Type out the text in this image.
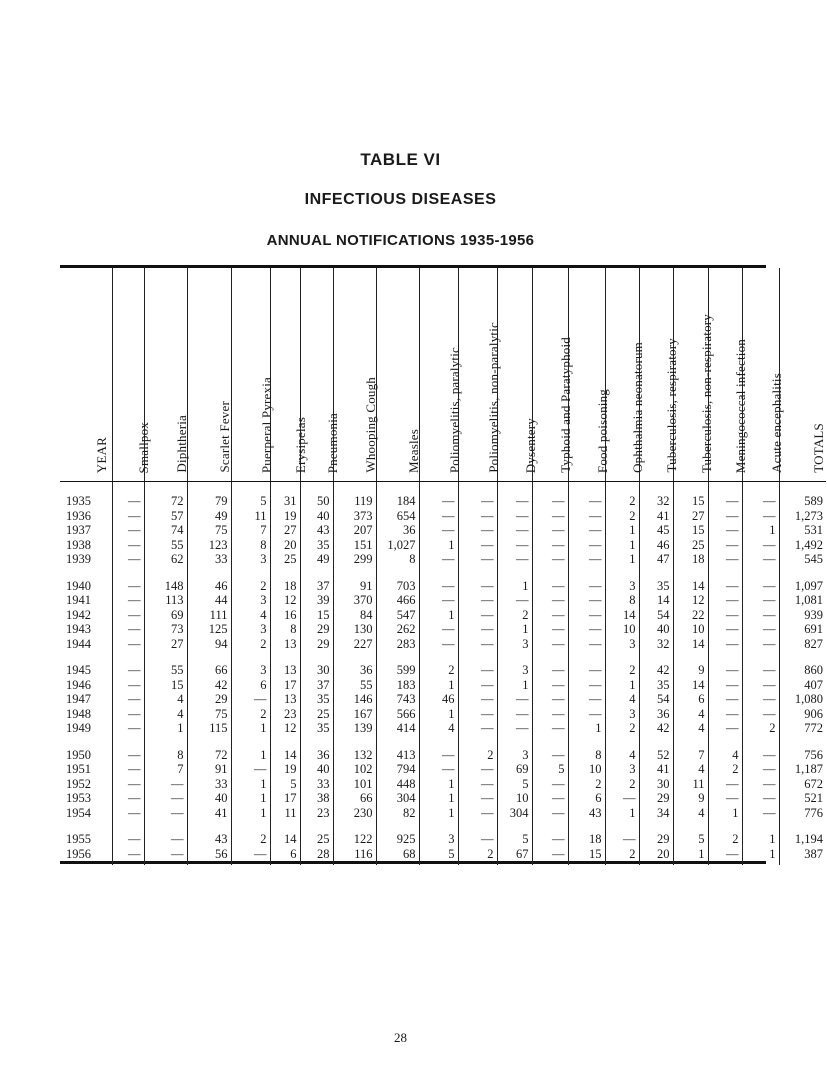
TABLE VI
INFECTIOUS DISEASES
ANNUAL NOTIFICATIONS 1935-1956
YEAR	Smallpox	Diphtheria	Scarlet Fever	Puerperal Pyrexia	Erysipelas	Pneumonia	Whooping Cough	Measles	Poliomyelitis, paralytic	Poliomyelitis, non-paralytic	Dysentery	Typhoid and Paratyphoid	Food poisoning	Ophthalmia neonatorum	Tuberculosis, respiratory	Tuberculosis, non-respiratory	Meningococcal infection	Acute encephalitis	TOTALS

1935	—	72	79	5	31	50	119	184	—	—	—	—	—	2	32	15	—	—	589
1936	—	57	49	11	19	40	373	654	—	—	—	—	—	2	41	27	—	—	1,273
1937	—	74	75	7	27	43	207	36	—	—	—	—	—	1	45	15	—	1	531
1938	—	55	123	8	20	35	151	1,027	1	—	—	—	—	1	46	25	—	—	1,492
1939	—	62	33	3	25	49	299	8	—	—	—	—	—	1	47	18	—	—	545

1940	—	148	46	2	18	37	91	703	—	—	1	—	—	3	35	14	—	—	1,097
1941	—	113	44	3	12	39	370	466	—	—	—	—	—	8	14	12	—	—	1,081
1942	—	69	111	4	16	15	84	547	1	—	2	—	—	14	54	22	—	—	939
1943	—	73	125	3	8	29	130	262	—	—	1	—	—	10	40	10	—	—	691
1944	—	27	94	2	13	29	227	283	—	—	3	—	—	3	32	14	—	—	827

1945	—	55	66	3	13	30	36	599	2	—	3	—	—	2	42	9	—	—	860
1946	—	15	42	6	17	37	55	183	1	—	1	—	—	1	35	14	—	—	407
1947	—	4	29	—	13	35	146	743	46	—	—	—	—	4	54	6	—	—	1,080
1948	—	4	75	2	23	25	167	566	1	—	—	—	—	3	36	4	—	—	906
1949	—	1	115	1	12	35	139	414	4	—	—	—	1	2	42	4	—	2	772

1950	—	8	72	1	14	36	132	413	—	2	3	—	8	4	52	7	4	—	756
1951	—	7	91	—	19	40	102	794	—	—	69	5	10	3	41	4	2	—	1,187
1952	—	—	33	1	5	33	101	448	1	—	5	—	2	2	30	11	—	—	672
1953	—	—	40	1	17	38	66	304	1	—	10	—	6	—	29	9	—	—	521
1954	—	—	41	1	11	23	230	82	1	—	304	—	43	1	34	4	1	—	776

1955	—	—	43	2	14	25	122	925	3	—	5	—	18	—	29	5	2	1	1,194
1956	—	—	56	—	6	28	116	68	5	2	67	—	15	2	20	1	—	1	387

28
